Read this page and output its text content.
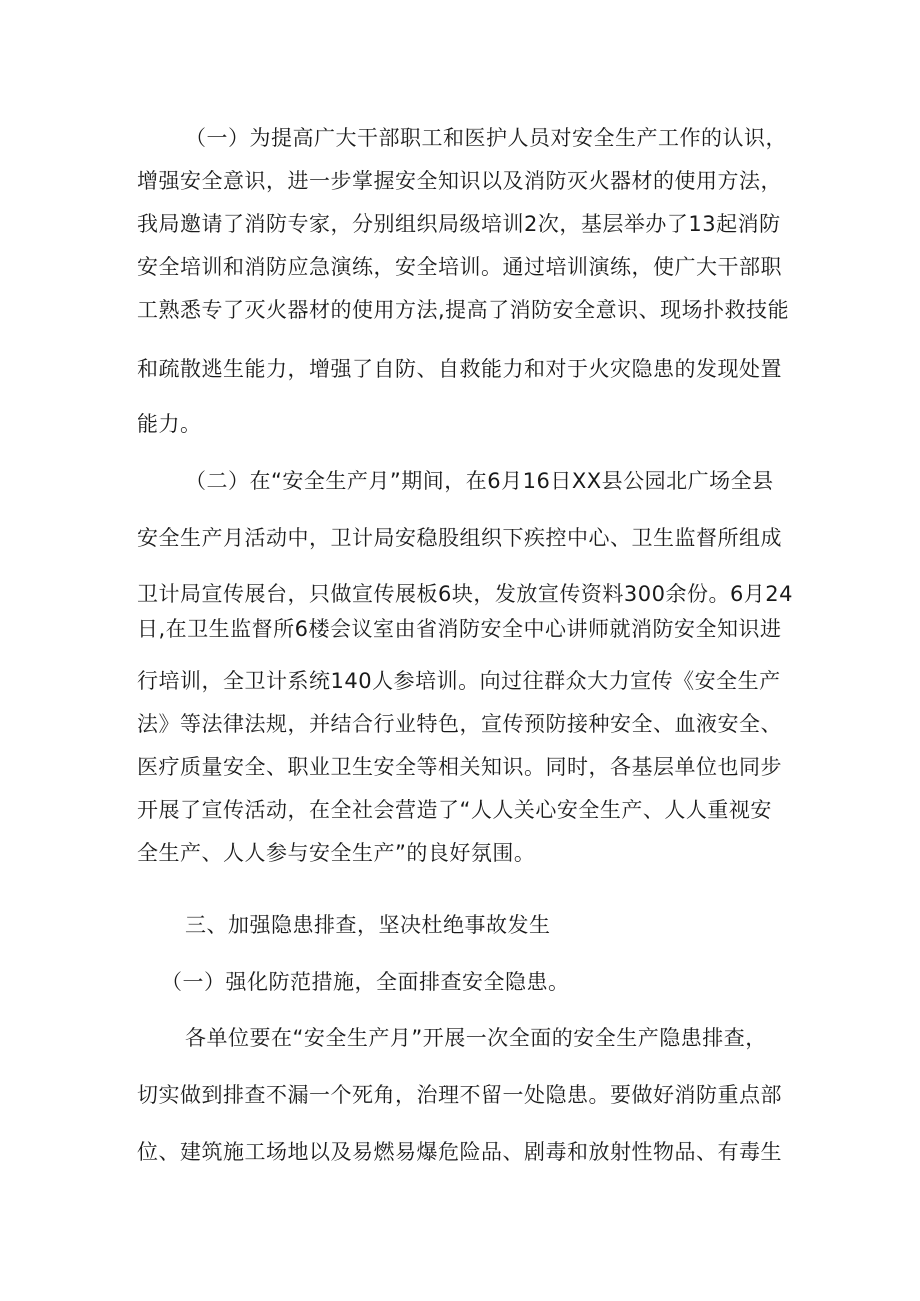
（一）为提高广大干部职工和医护人员对安全生产工作的认识，
增强安全意识，进一步掌握安全知识以及消防灭火器材的使用方法，
我局邀请了消防专家，分别组织局级培训2次，基层举办了13起消防
安全培训和消防应急演练，安全培训。通过培训演练，使广大干部职
工熟悉专了灭火器材的使用方法,提高了消防安全意识、现场扑救技能
和疏散逃生能力，增强了自防、自救能力和对于火灾隐患的发现处置
能力。
（二）在“安全生产月”期间，在6月16日XX县公园北广场全县
安全生产月活动中，卫计局安稳股组织下疾控中心、卫生监督所组成
卫计局宣传展台，只做宣传展板6块，发放宣传资料300余份。6月24
日,在卫生监督所6楼会议室由省消防安全中心讲师就消防安全知识进
行培训，全卫计系统140人参培训。向过往群众大力宣传《安全生产
法》等法律法规，并结合行业特色，宣传预防接种安全、血液安全、
医疗质量安全、职业卫生安全等相关知识。同时，各基层单位也同步
开展了宣传活动，在全社会营造了“人人关心安全生产、人人重视安
全生产、人人参与安全生产”的良好氛围。
三、加强隐患排查，坚决杜绝事故发生
（一）强化防范措施，全面排查安全隐患。
各单位要在“安全生产月”开展一次全面的安全生产隐患排查，
切实做到排查不漏一个死角，治理不留一处隐患。要做好消防重点部
位、建筑施工场地以及易燃易爆危险品、剧毒和放射性物品、有毒生
